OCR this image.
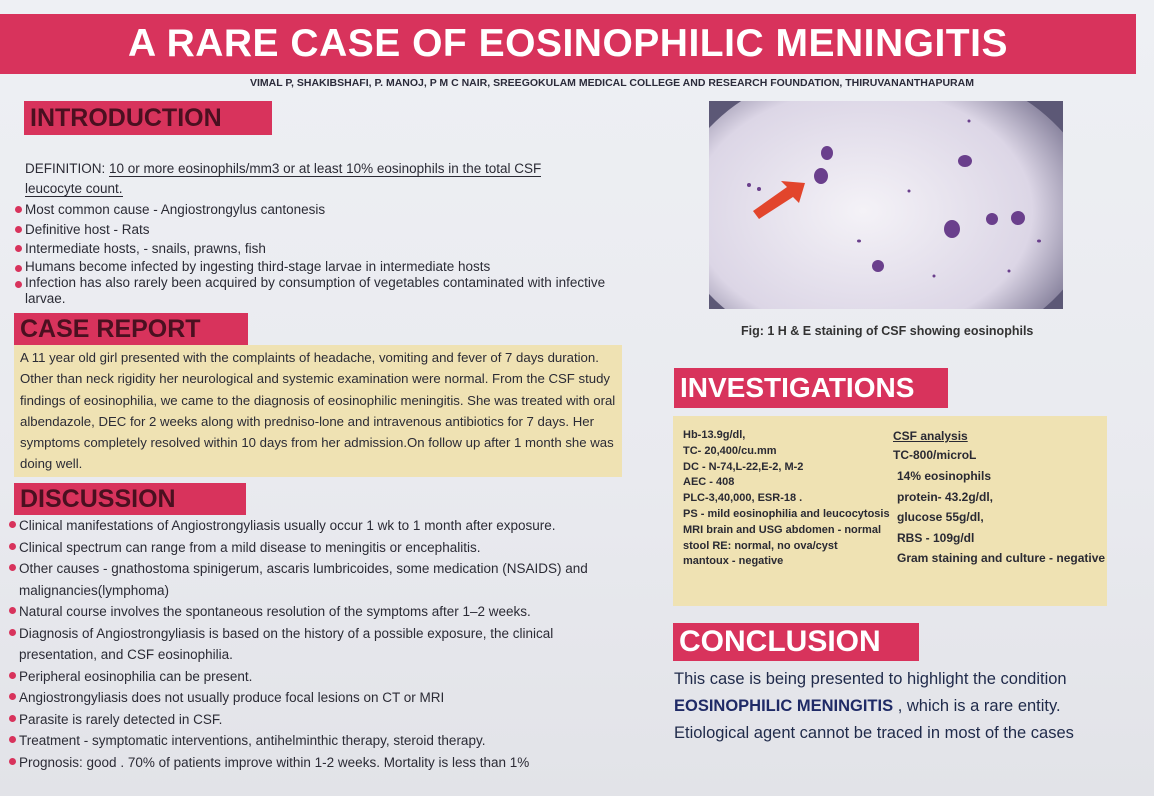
A RARE CASE OF EOSINOPHILIC MENINGITIS
VIMAL P, SHAKIBSHAFI, P. MANOJ, P M C NAIR, SREEGOKULAM MEDICAL COLLEGE AND RESEARCH FOUNDATION, THIRUVANANTHAPURAM
INTRODUCTION
DEFINITION: 10 or more eosinophils/mm3 or at least 10% eosinophils in the total CSF
leucocyte count.
Most common cause - Angiostrongylus cantonesis
Definitive host - Rats
Intermediate hosts, - snails, prawns, fish
Humans become infected by ingesting third-stage larvae in intermediate hosts
Infection has also rarely been acquired by consumption of vegetables contaminated with infective larvae.
CASE REPORT
A 11 year old girl presented with the complaints of headache, vomiting and fever of 7 days duration. Other than neck rigidity her neurological and systemic examination were normal. From the CSF study findings of eosinophilia, we came to the diagnosis of eosinophilic meningitis. She was treated with oral albendazole, DEC for 2 weeks along with predniso-lone and intravenous antibiotics for 7 days. Her symptoms completely resolved within 10 days from her admission.On follow up after 1 month she was doing well.
DISCUSSION
Clinical manifestations of Angiostrongyliasis usually occur 1 wk to 1 month after exposure.
Clinical spectrum can range from a mild disease to meningitis or encephalitis.
Other causes - gnathostoma spinigerum, ascaris lumbricoides, some medication (NSAIDS) and malignancies(lymphoma)
Natural course involves the spontaneous resolution of the symptoms after 1–2 weeks.
Diagnosis of Angiostrongyliasis is based on the history of a possible exposure, the clinical presentation, and CSF eosinophilia.
Peripheral eosinophilia can be present.
Angiostrongyliasis does not usually produce focal lesions on CT or MRI
Parasite is rarely detected in CSF.
Treatment - symptomatic interventions, antihelminthic therapy, steroid therapy.
Prognosis: good . 70% of patients improve within 1-2 weeks. Mortality is less than 1%
Fig: 1 H & E staining of CSF showing eosinophils
INVESTIGATIONS
Hb-13.9g/dl,
TC- 20,400/cu.mm
DC - N-74,L-22,E-2, M-2
AEC - 408
PLC-3,40,000, ESR-18 .
PS - mild eosinophilia and leucocytosis
MRI brain and USG abdomen - normal
stool RE: normal, no ova/cyst
mantoux - negative
CSF analysis
TC-800/microL
14% eosinophils
protein- 43.2g/dl,
glucose 55g/dl,
RBS - 109g/dl
Gram staining and culture - negative
CONCLUSION
This case is being presented to highlight the condition
EOSINOPHILIC MENINGITIS , which is a rare entity.
Etiological agent cannot be traced in most of the cases
